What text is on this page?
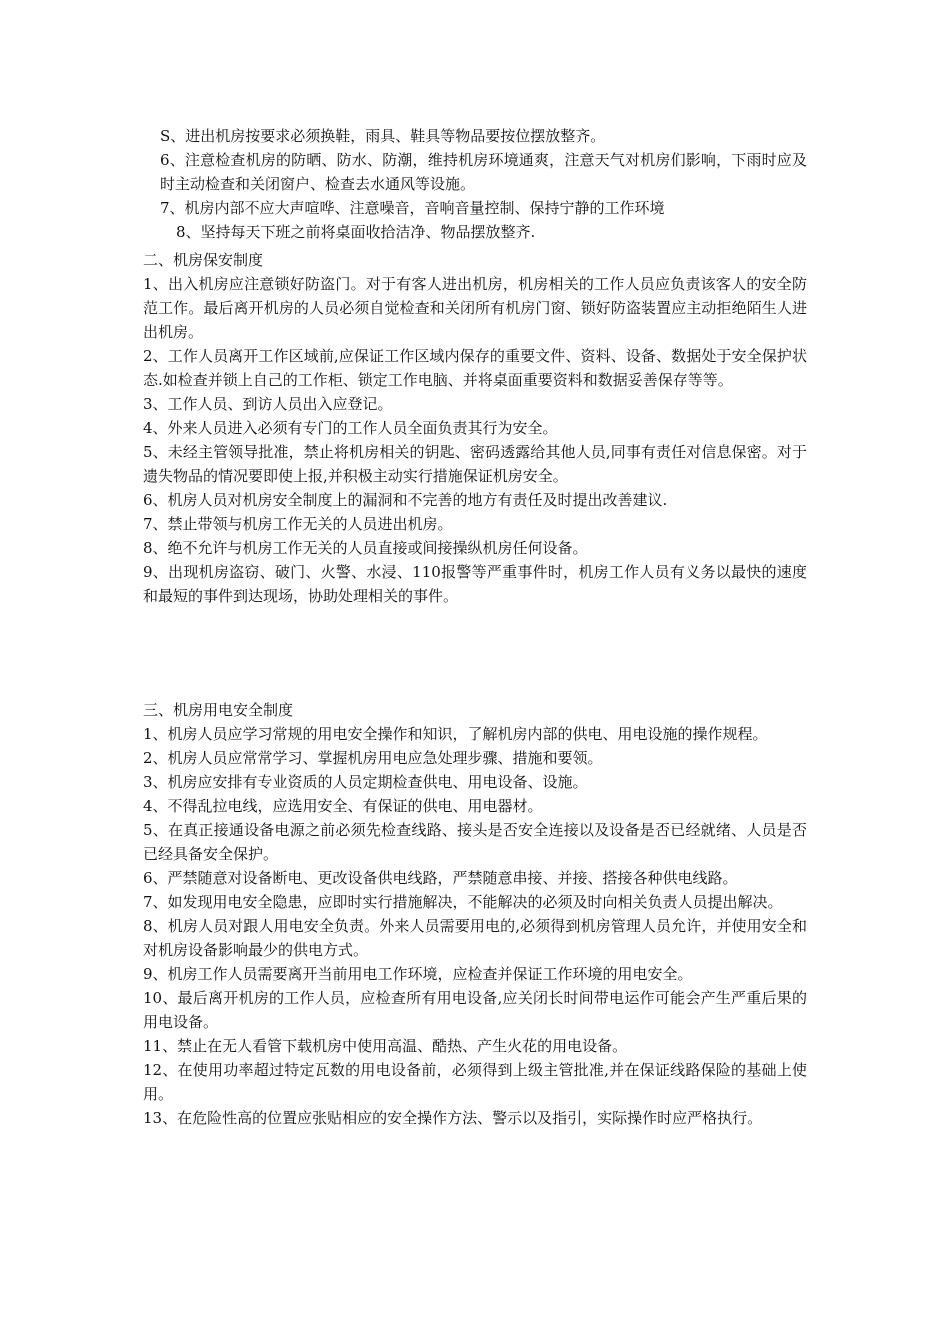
S、进出机房按要求必须换鞋，雨具、鞋具等物品要按位摆放整齐。

6、注意检查机房的防晒、防水、防潮，维持机房环境通爽，注意天气对机房们影响，下雨时应及时主动检查和关闭窗户、检查去水通风等设施。

7、机房内部不应大声喧哗、注意噪音，音响音量控制、保持宁静的工作环境

8、坚持每天下班之前将桌面收拾洁净、物品摆放整齐.

二、机房保安制度

1、出入机房应注意锁好防盗门。对于有客人进出机房，机房相关的工作人员应负责该客人的安全防范工作。最后离开机房的人员必须自觉检查和关闭所有机房门窗、锁好防盗装置应主动拒绝陌生人进出机房。

2、工作人员离开工作区域前,应保证工作区域内保存的重要文件、资料、设备、数据处于安全保护状态.如检查并锁上自己的工作柜、锁定工作电脑、并将桌面重要资料和数据妥善保存等等。

3、工作人员、到访人员出入应登记。

4、外来人员进入必须有专门的工作人员全面负责其行为安全。

5、未经主管领导批准，禁止将机房相关的钥匙、密码透露给其他人员,同事有责任对信息保密。对于遗失物品的情况要即使上报,并积极主动实行措施保证机房安全。

6、机房人员对机房安全制度上的漏洞和不完善的地方有责任及时提出改善建议.

7、禁止带领与机房工作无关的人员进出机房。

8、绝不允许与机房工作无关的人员直接或间接操纵机房任何设备。

9、出现机房盗窃、破门、火警、水浸、110报警等严重事件时，机房工作人员有义务以最快的速度和最短的事件到达现场，协助处理相关的事件。

三、机房用电安全制度

1、机房人员应学习常规的用电安全操作和知识，了解机房内部的供电、用电设施的操作规程。

2、机房人员应常常学习、掌握机房用电应急处理步骤、措施和要领。

3、机房应安排有专业资质的人员定期检查供电、用电设备、设施。

4、不得乱拉电线，应选用安全、有保证的供电、用电器材。

5、在真正接通设备电源之前必须先检查线路、接头是否安全连接以及设备是否已经就绪、人员是否已经具备安全保护。

6、严禁随意对设备断电、更改设备供电线路，严禁随意串接、并接、搭接各种供电线路。

7、如发现用电安全隐患，应即时实行措施解决，不能解决的必须及时向相关负责人员提出解决。

8、机房人员对跟人用电安全负责。外来人员需要用电的,必须得到机房管理人员允许，并使用安全和对机房设备影响最少的供电方式。

9、机房工作人员需要离开当前用电工作环境，应检查并保证工作环境的用电安全。

10、最后离开机房的工作人员，应检查所有用电设备,应关闭长时间带电运作可能会产生严重后果的用电设备。

11、禁止在无人看管下载机房中使用高温、酷热、产生火花的用电设备。

12、在使用功率超过特定瓦数的用电设备前，必须得到上级主管批准,并在保证线路保险的基础上使用。

13、在危险性高的位置应张贴相应的安全操作方法、警示以及指引，实际操作时应严格执行。
